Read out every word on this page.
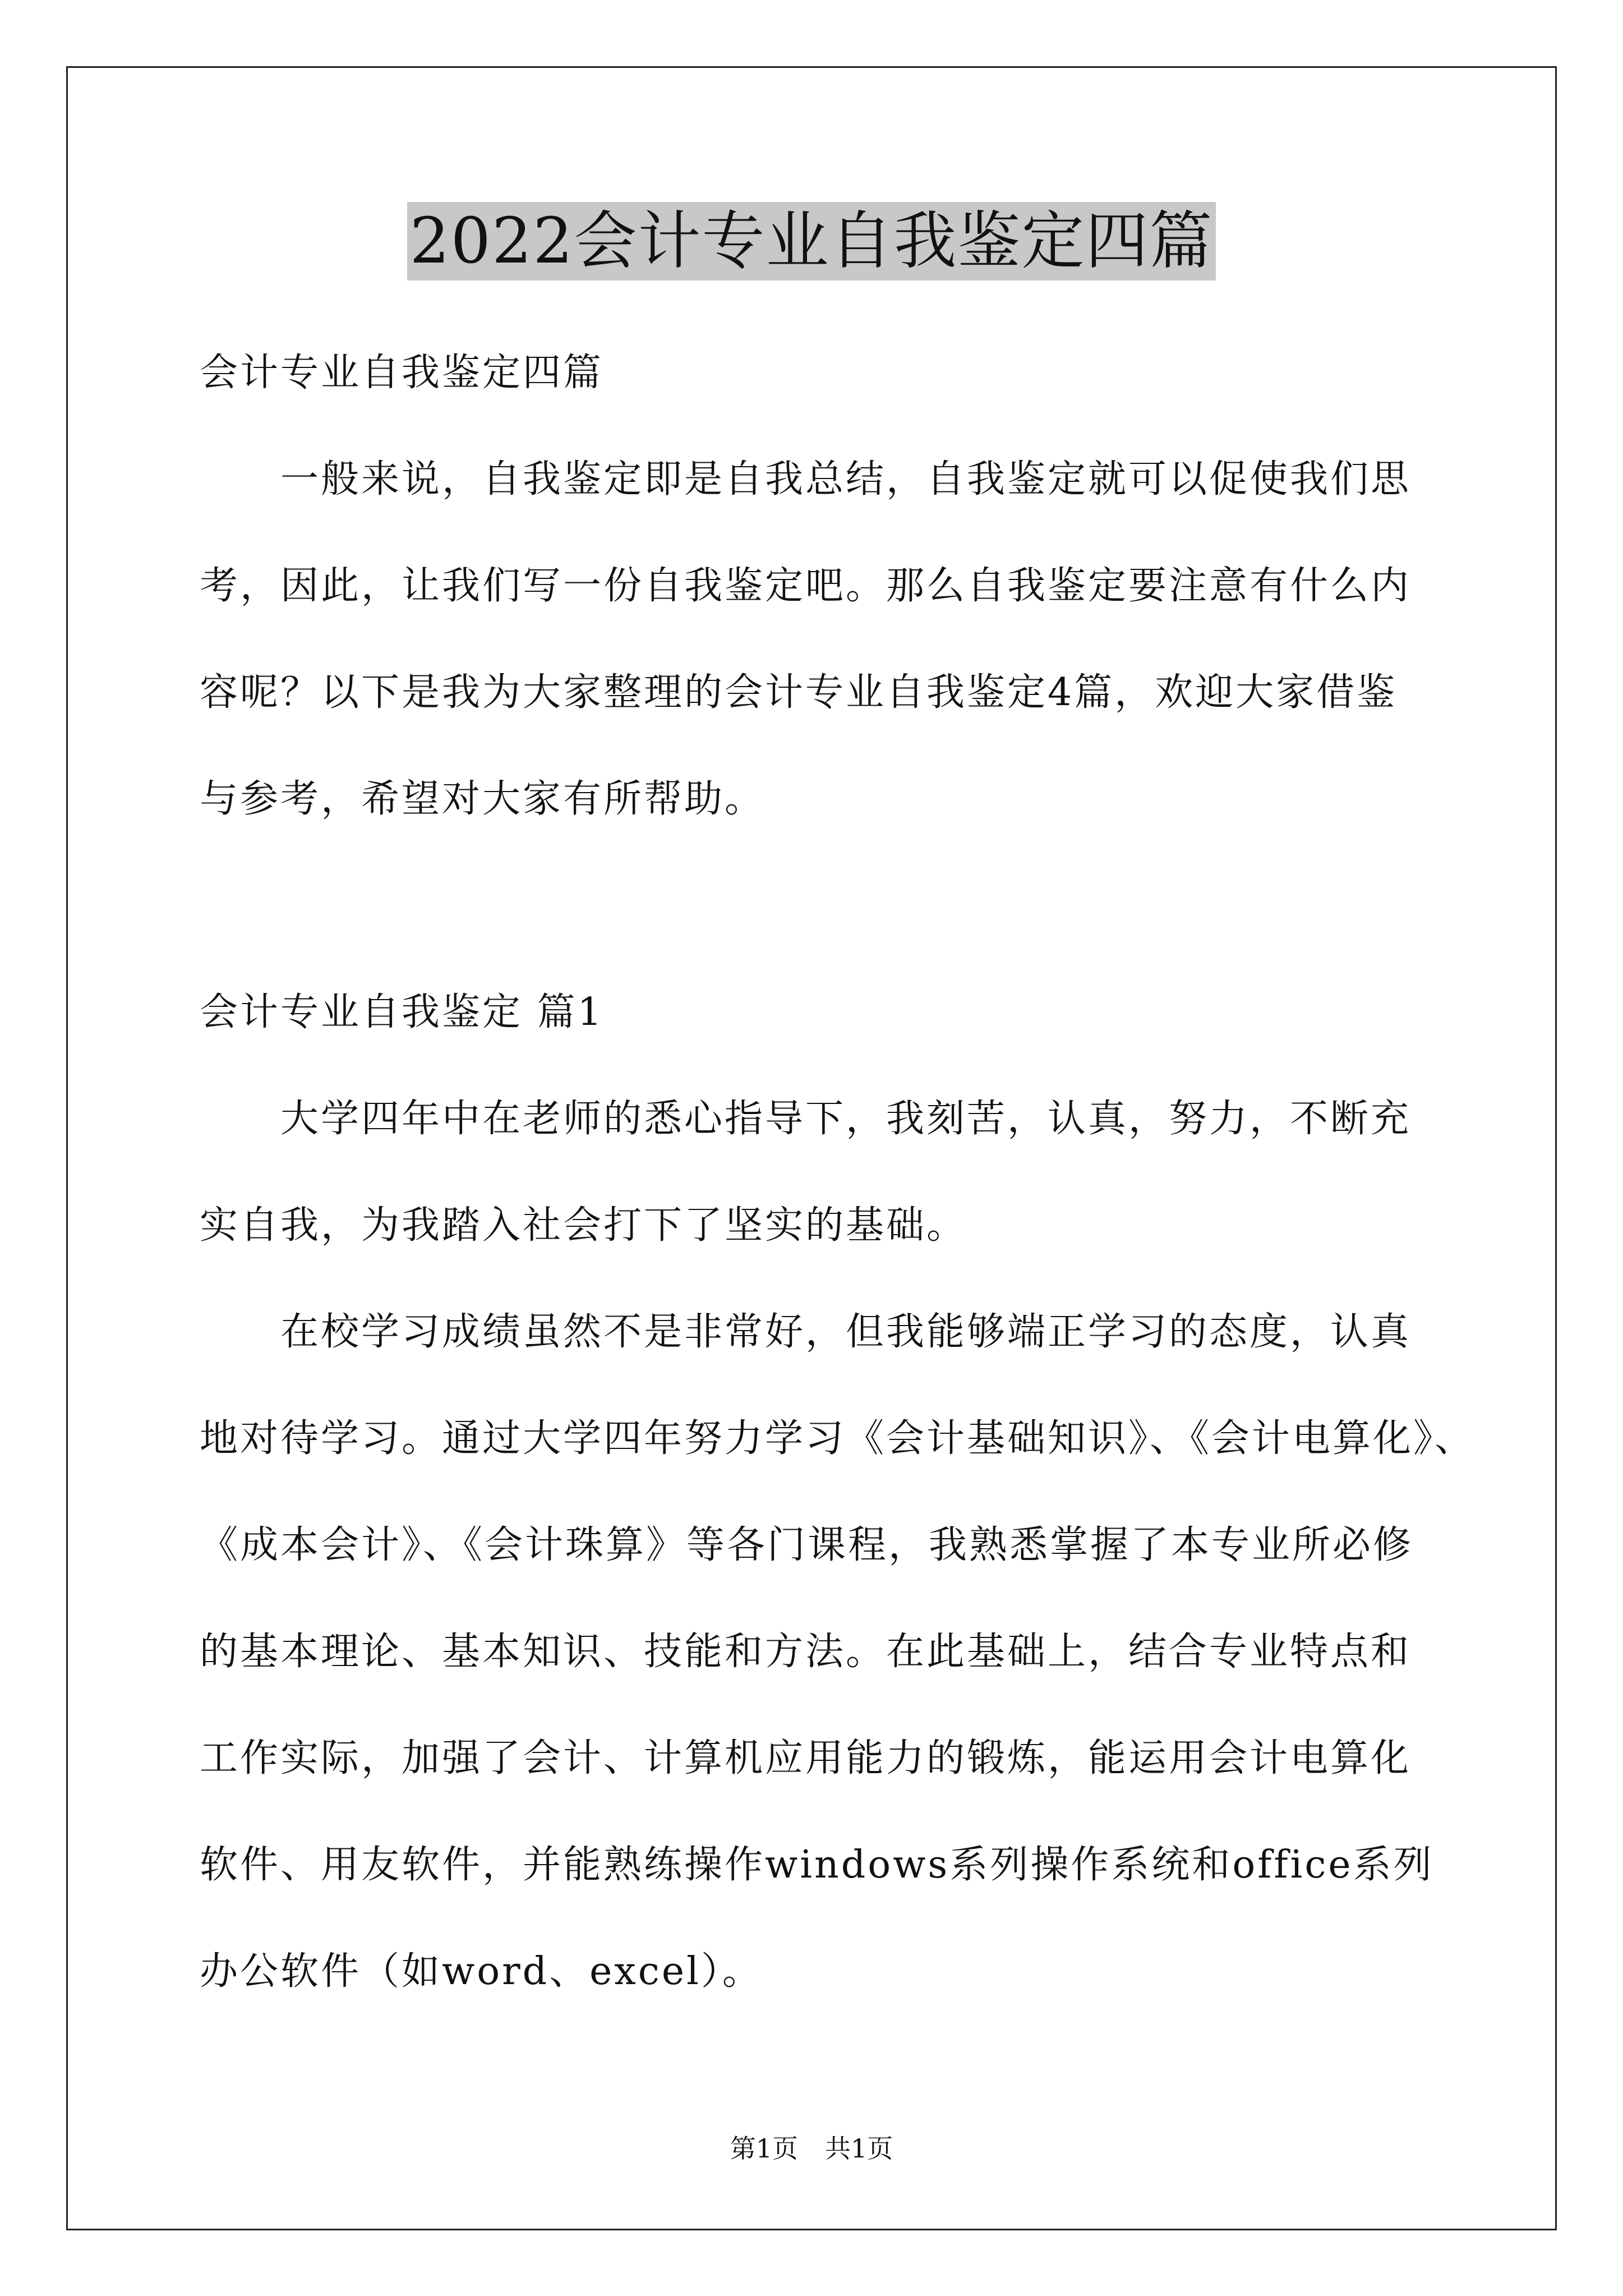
2022会计专业自我鉴定四篇
会计专业自我鉴定四篇
一般来说，自我鉴定即是自我总结，自我鉴定就可以促使我们思
考，因此，让我们写一份自我鉴定吧。那么自我鉴定要注意有什么内
容呢？以下是我为大家整理的会计专业自我鉴定4篇，欢迎大家借鉴
与参考，希望对大家有所帮助。
会计专业自我鉴定 篇1
大学四年中在老师的悉心指导下，我刻苦，认真，努力，不断充
实自我，为我踏入社会打下了坚实的基础。
在校学习成绩虽然不是非常好，但我能够端正学习的态度，认真
地对待学习。通过大学四年努力学习《会计基础知识》、《会计电算化》、
《成本会计》、《会计珠算》等各门课程，我熟悉掌握了本专业所必修
的基本理论、基本知识、技能和方法。在此基础上，结合专业特点和
工作实际，加强了会计、计算机应用能力的锻炼，能运用会计电算化
软件、用友软件，并能熟练操作windows系列操作系统和office系列
办公软件（如word、excel）。
第1页 共1页
